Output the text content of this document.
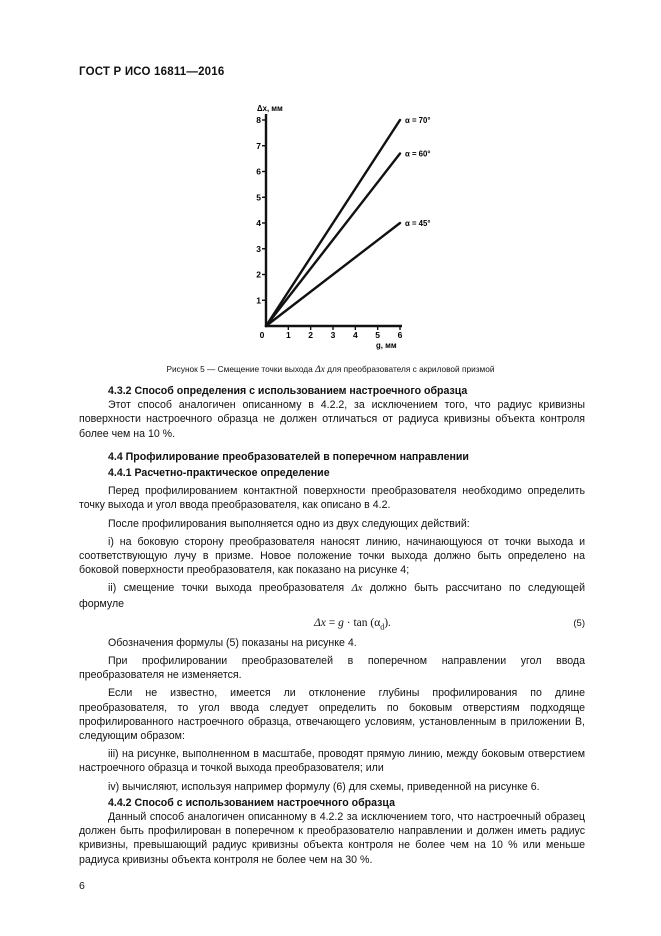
ГОСТ Р ИСО 16811—2016
0	1 2 3 4 5 6
1
2
3
4
5
6
7
8	α = 70°
α = 60°
α = 45°
Δx, мм
g, мм
Рисунок 5 — Смещение точки выхода Δx для преобразователя с акриловой призмой

4.3.2 Способ определения с использованием настроечного образца

Этот способ аналогичен описанному в 4.2.2, за исключением того, что радиус кривизны поверхности настроечного образца не должен отличаться от радиуса кривизны объекта контроля более чем на 10 %.

4.4 Профилирование преобразователей в поперечном направлении

4.4.1 Расчетно-практическое определение

Перед профилированием контактной поверхности преобразователя необходимо определить точку выхода и угол ввода преобразователя, как описано в 4.2.

После профилирования выполняется одно из двух следующих действий:

i) на боковую сторону преобразователя наносят линию, начинающуюся от точки выхода и соответствующую лучу в призме. Новое положение точки выхода должно быть определено на боковой поверхности преобразователя, как показано на рисунке 4;

ii) смещение точки выхода преобразователя Δx должно быть рассчитано по следующей формуле

$\Delta x = g \cdot \tan (\alpha_d)$.	(5)

Обозначения формулы (5) показаны на рисунке 4.

При профилировании преобразователей в поперечном направлении угол ввода преобразователя не изменяется.

Если не известно, имеется ли отклонение глубины профилирования по длине преобразователя, то угол ввода следует определить по боковым отверстиям подходяще профилированного настроечного образца, отвечающего условиям, установленным в приложении В, следующим образом:

iii) на рисунке, выполненном в масштабе, проводят прямую линию, между боковым отверстием настроечного образца и точкой выхода преобразователя; или

iv) вычисляют, используя например формулу (6) для схемы, приведенной на рисунке 6.

4.4.2 Способ с использованием настроечного образца

Данный способ аналогичен описанному в 4.2.2 за исключением того, что настроечный образец должен быть профилирован в поперечном к преобразователю направлении и должен иметь радиус кривизны, превышающий радиус кривизны объекта контроля не более чем на 10 % или меньше радиуса кривизны объекта контроля не более чем на 30 %.

6
